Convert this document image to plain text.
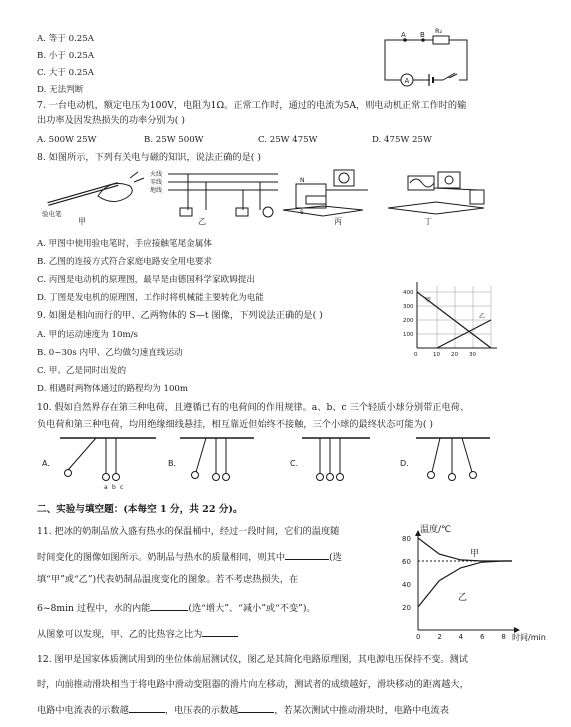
A. 等于 0.25A
B. 小于 0.25A
C. 大于 0.25A
D. 无法判断
A B R₂
A
7. 一台电动机，额定电压为100V，电阻为1Ω。正常工作时，通过的电流为5A，则电动机正常工作时的输
出功率及因发热损失的功率分别为( )
A. 500W 25W	B. 25W 500W	C. 25W 475W	D. 475W 25W
8. 如图所示，下列有关电与磁的知识，说法正确的是( )
验电笔
甲
火线
零线
地线
乙
N
S
丙	丁
A. 甲图中使用验电笔时，手应接触笔尾金属体
B. 乙图的连接方式符合家庭电路安全用电要求
C. 丙图是电动机的原理图，最早是由德国科学家欧姆提出
D. 丁图是发电机的原理图，工作时将机械能主要转化为电能	400
300
200
100
0	10 20 30
甲
乙
9. 如图是相向而行的甲、乙两物体的 S—t 图像，下列说法正确的是( )
A. 甲的运动速度为 10m/s
B. 0~30s 内甲、乙均做匀速直线运动
C. 甲、乙是同时出发的
D. 相遇时两物体通过的路程均为 100m
10. 假如自然界存在第三种电荷，且遵循已有的电荷间的作用规律。a、b、c 三个轻质小球分别带正电荷、
负电荷和第三种电荷，均用绝缘细线悬挂，相互靠近但始终不接触，三个小球的最终状态可能为( )
A.
a b c
B.	C.	D.
二、实验与填空题：(本每空 1 分，共 22 分)。
11. 把冰的奶制品放入盛有热水的保温桶中，经过一段时间，它们的温度随
时间变化的图像如图所示。奶制品与热水的质量相同，则其中	(选
填“甲”或“乙”)代表奶制品温度变化的图象。若不考虑热损失，在
6~8min 过程中，水的内能	(选“增大”、“减小”或“不变”)。
从图象可以发现，甲、乙的比热容之比为
温度/℃
时间/min
80
60
40
20
0 2 4 6 8
甲
乙
12. 图甲是国家体质测试用到的坐位体前屈测试仪，图乙是其简化电路原理图，其电源电压保持不变。测试
时，向前推动滑块相当于将电路中滑动变阻器的滑片向左移动，测试者的成绩越好，滑块移动的距离越大，
电路中电流表的示数越	，电压表的示数越	，若某次测试中推动滑块时，电路中电流表
